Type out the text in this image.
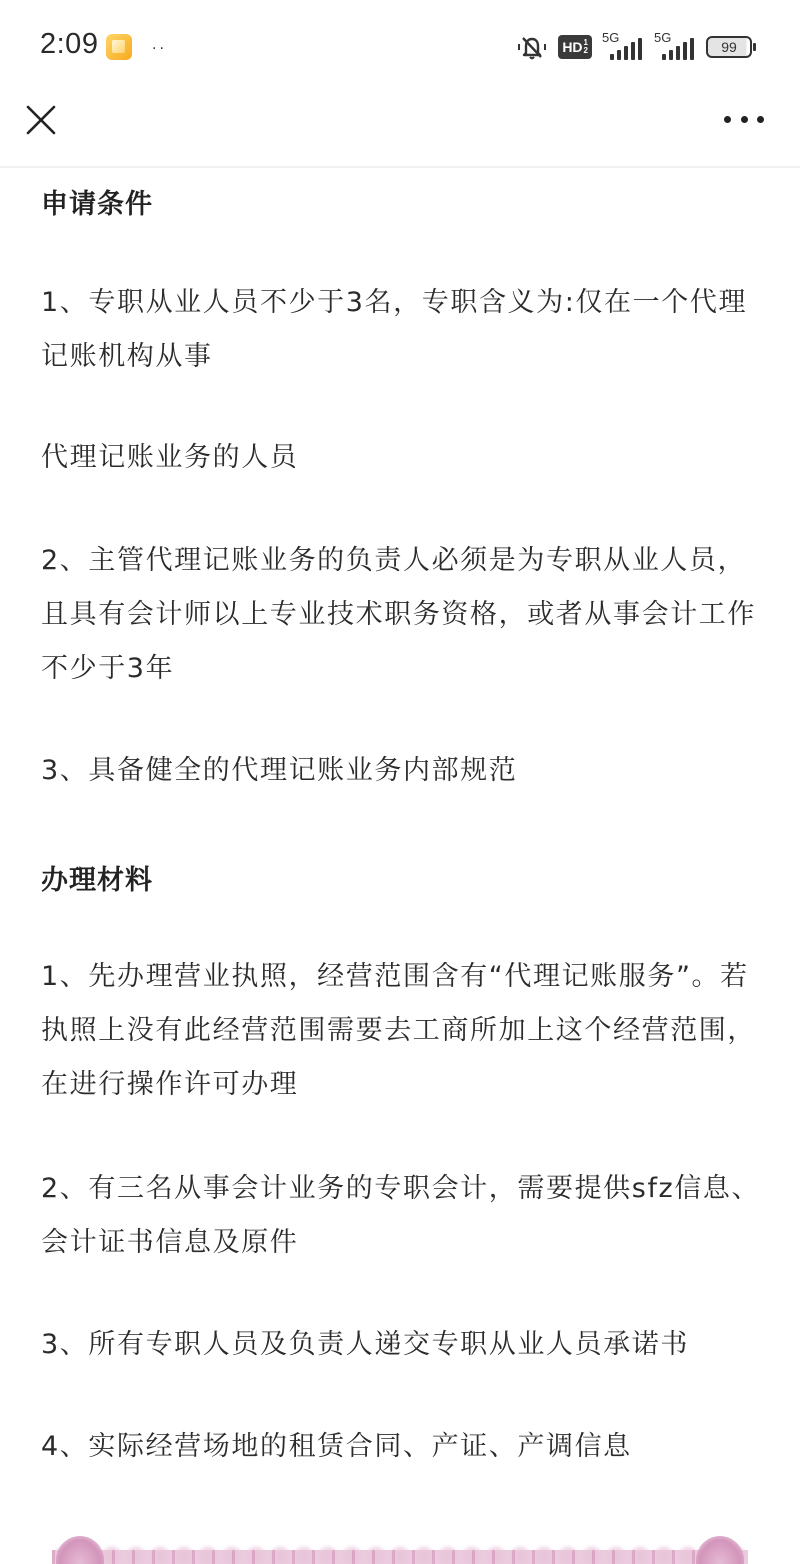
2:09	··	HD 1
2
5G	5G
99
申请条件

1、专职从业人员不少于3名，专职含义为:仅在一个代理记账机构从事

代理记账业务的人员

2、主管代理记账业务的负责人必须是为专职从业人员，且具有会计师以上专业技术职务资格，或者从事会计工作不少于3年

3、具备健全的代理记账业务内部规范

办理材料

1、先办理营业执照，经营范围含有“代理记账服务”。若执照上没有此经营范围需要去工商所加上这个经营范围，在进行操作许可办理

2、有三名从事会计业务的专职会计，需要提供sfz信息、会计证书信息及原件

3、所有专职人员及负责人递交专职从业人员承诺书

4、实际经营场地的租赁合同、产证、产调信息
